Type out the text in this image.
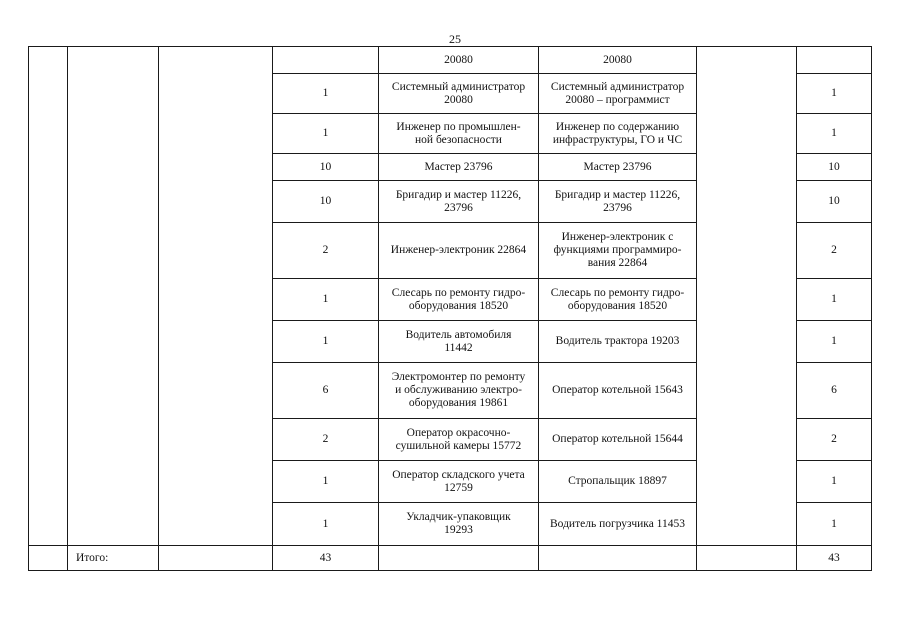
25
				20080	20080		
			1	Системный администратор
20080	Системный администратор
20080 – программист		1
			1	Инженер по промышлен-
ной безопасности	Инженер по содержанию
инфраструктуры, ГО и ЧС		1
			10	Мастер 23796	Мастер 23796		10
			10	Бригадир и мастер 11226,
23796	Бригадир и мастер 11226,
23796		10
			2	Инженер-электроник 22864	Инженер-электроник с
функциями программиро-
вания 22864		2
			1	Слесарь по ремонту гидро-
оборудования 18520	Слесарь по ремонту гидро-
оборудования 18520		1
			1	Водитель автомобиля
11442	Водитель трактора 19203		1
			6	Электромонтер по ремонту
и обслуживанию электро-
оборудования 19861	Оператор котельной 15643		6
			2	Оператор окрасочно-
сушильной камеры 15772	Оператор котельной 15644		2
			1	Оператор складского учета
12759	Стропальщик 18897		1
			1	Укладчик-упаковщик
19293	Водитель погрузчика 11453		1
	Итого:		43				43
